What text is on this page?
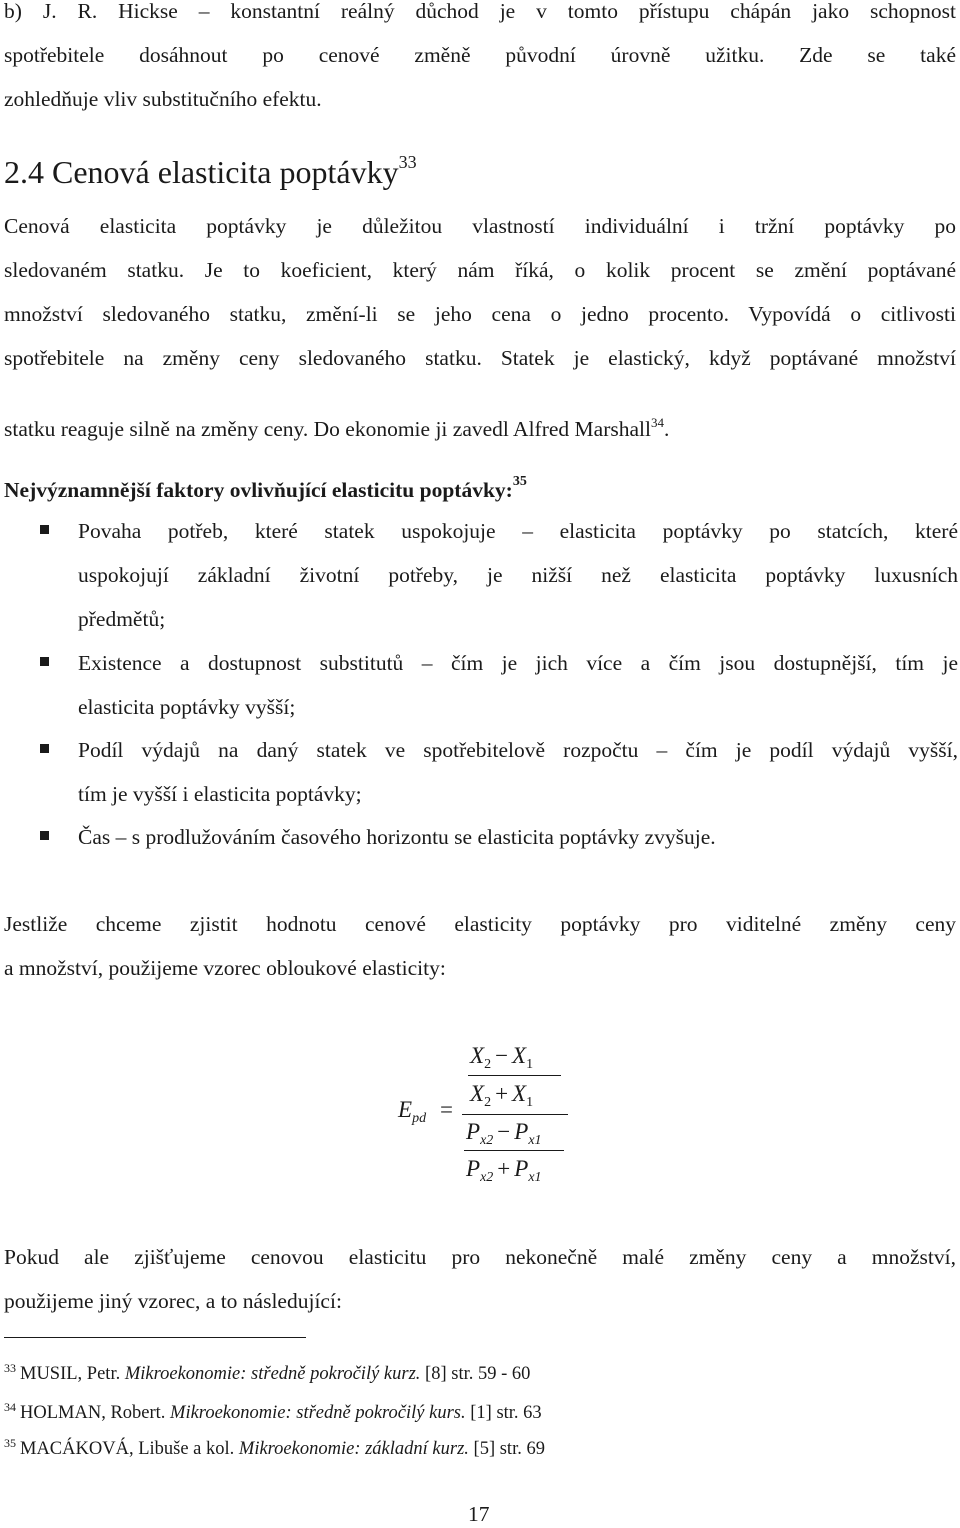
b) J. R. Hickse – konstantní reálný důchod je v tomto přístupu chápán jako schopnost
spotřebitele dosáhnout po cenové změně původní úrovně užitku. Zde se také
zohledňuje vliv substitučního efektu.
2.4 Cenová elasticita poptávky$^{33}$
Cenová elasticita poptávky je důležitou vlastností individuální i tržní poptávky po
sledovaném statku. Je to koeficient, který nám říká, o kolik procent se změní poptávané
množství sledovaného statku, změní-li se jeho cena o jedno procento. Vypovídá o citlivosti
spotřebitele na změny ceny sledovaného statku. Statek je elastický, když poptávané množství
statku reaguje silně na změny ceny. Do ekonomie ji zavedl Alfred Marshall$^{34}$.
Nejvýznamnější faktory ovlivňující elasticitu poptávky:$^{35}$
Povaha potřeb, které statek uspokojuje – elasticita poptávky po statcích, které
uspokojují základní životní potřeby, je nižší než elasticita poptávky luxusních
předmětů;
Existence a dostupnost substitutů – čím je jich více a čím jsou dostupnější, tím je
elasticita poptávky vyšší;
Podíl výdajů na daný statek ve spotřebitelově rozpočtu – čím je podíl výdajů vyšší,
tím je vyšší i elasticita poptávky;
Čas – s prodlužováním časového horizontu se elasticita poptávky zvyšuje.
Jestliže chceme zjistit hodnotu cenové elasticity poptávky pro viditelné změny ceny
a množství, použijeme vzorec obloukové elasticity:
$E_{pd}$ =
$X_2 - X_1$
$X_2 + X_1$
$P_{x2} - P_{x1}$
$P_{x2} + P_{x1}$
Pokud ale zjišťujeme cenovou elasticitu pro nekonečně malé změny ceny a množství,
použijeme jiný vzorec, a to následující:
$^{33}$ MUSIL, Petr. Mikroekonomie: středně pokročilý kurz. [8] str. 59 - 60
$^{34}$ HOLMAN, Robert. Mikroekonomie: středně pokročilý kurs. [1] str. 63
$^{35}$ MACÁKOVÁ, Libuše a kol. Mikroekonomie: základní kurz. [5] str. 69
17
